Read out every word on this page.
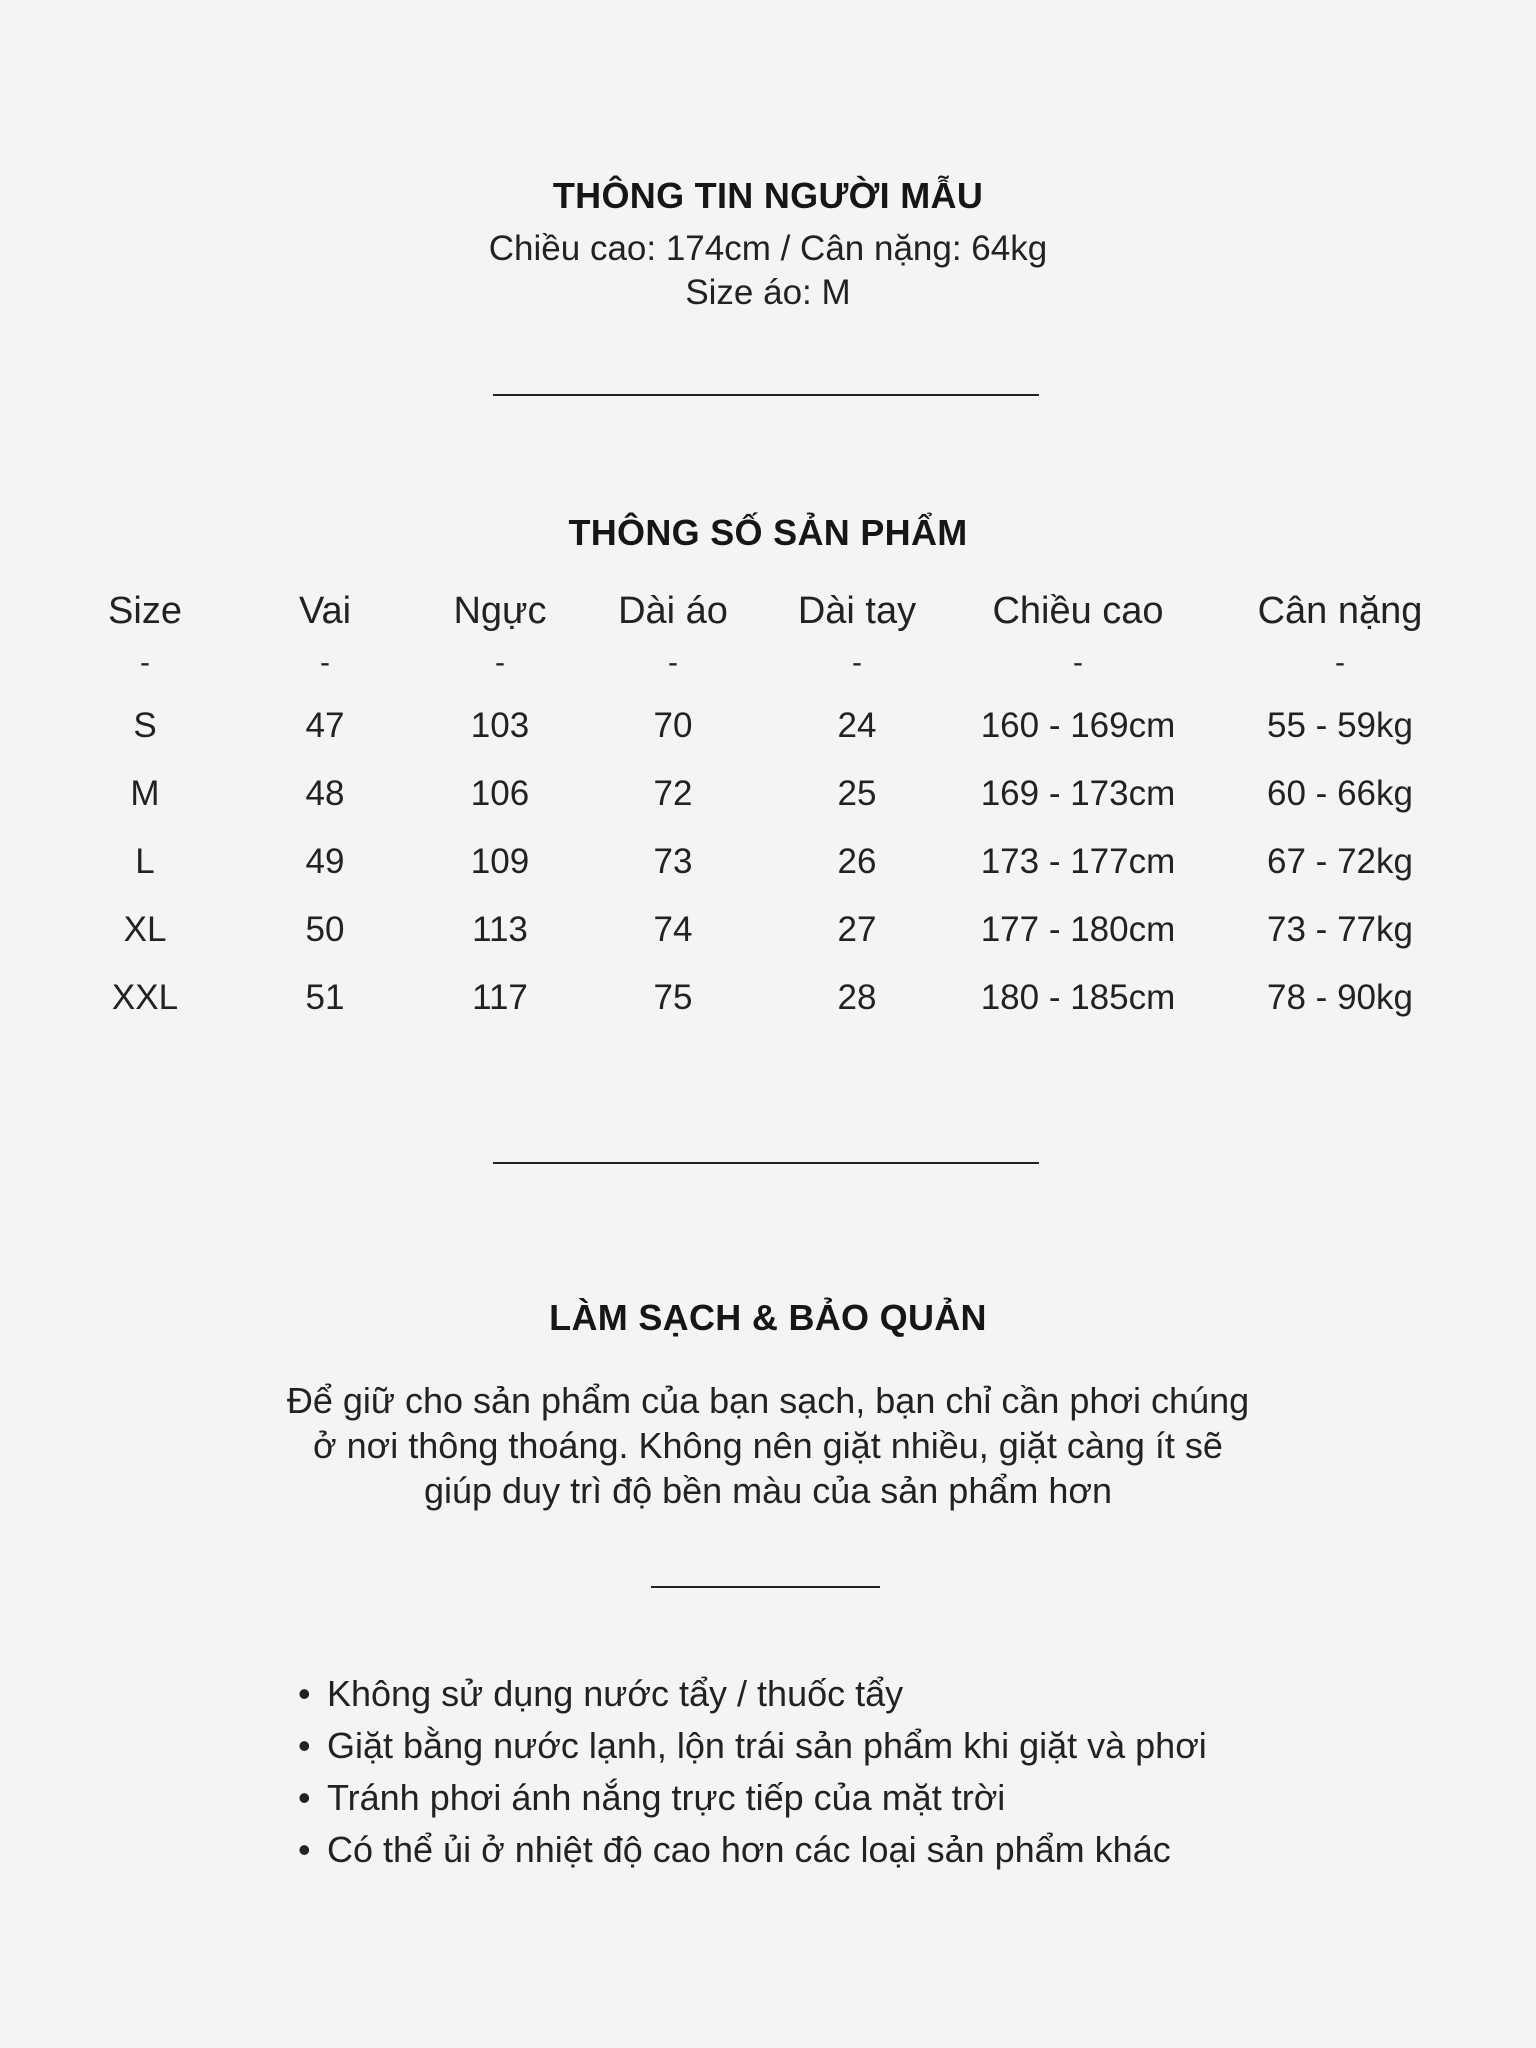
THÔNG TIN NGƯỜI MẪU
Chiều cao: 174cm / Cân nặng: 64kg
Size áo: M
THÔNG SỐ SẢN PHẨM
Size	Vai	Ngực	Dài áo	Dài tay	Chiều cao	Cân nặng
-	-	-	-	-	-	-
S	47	103	70	24	160 - 169cm	55 - 59kg
M	48	106	72	25	169 - 173cm	60 - 66kg
L	49	109	73	26	173 - 177cm	67 - 72kg
XL	50	113	74	27	177 - 180cm	73 - 77kg
XXL	51	117	75	28	180 - 185cm	78 - 90kg
LÀM SẠCH & BẢO QUẢN
Để giữ cho sản phẩm của bạn sạch, bạn chỉ cần phơi chúng
ở nơi thông thoáng. Không nên giặt nhiều, giặt càng ít sẽ
giúp duy trì độ bền màu của sản phẩm hơn
• Không sử dụng nước tẩy / thuốc tẩy
• Giặt bằng nước lạnh, lộn trái sản phẩm khi giặt và phơi
• Tránh phơi ánh nắng trực tiếp của mặt trời
• Có thể ủi ở nhiệt độ cao hơn các loại sản phẩm khác
